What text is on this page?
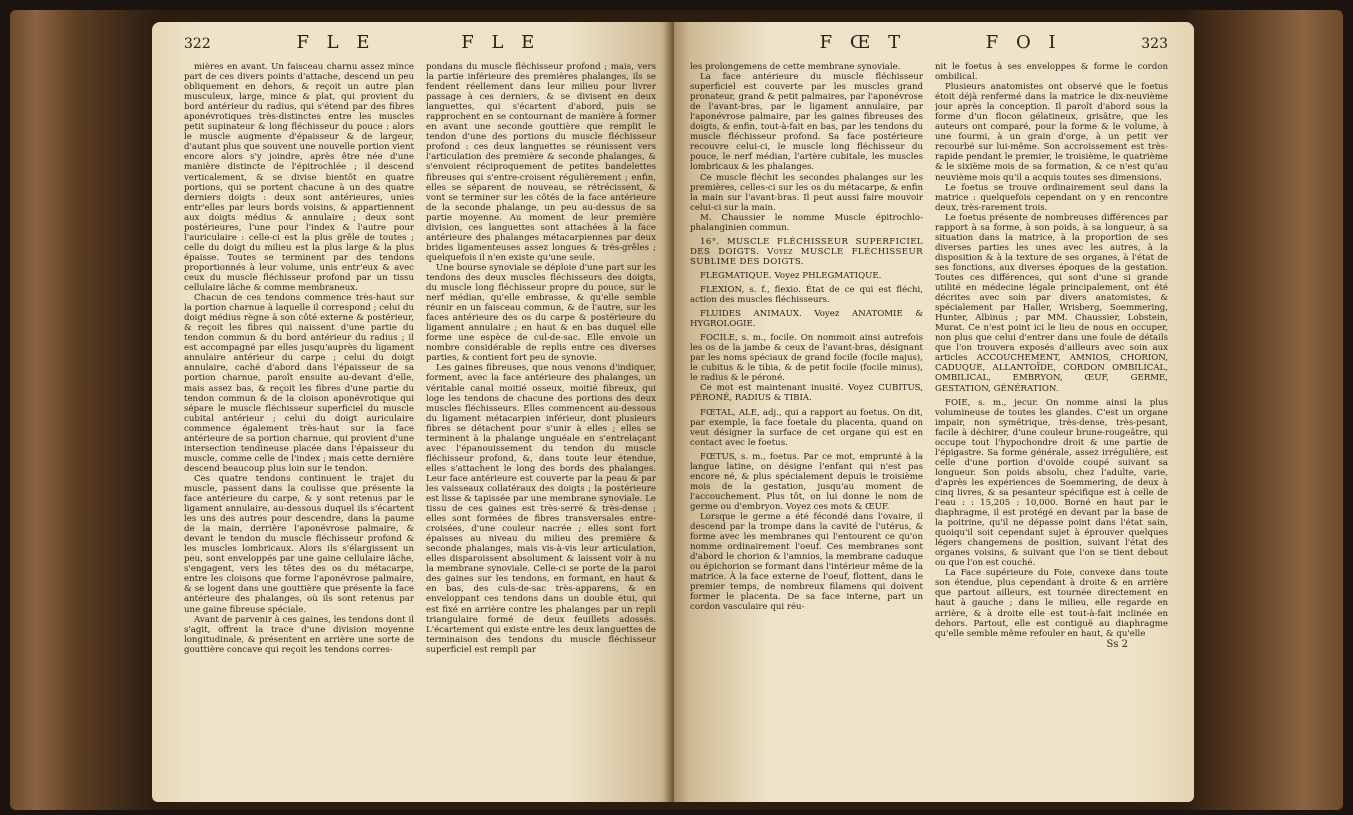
322	F L E	F L E

mières en avant. Un faisceau charnu assez mince part de ces divers points d'attache, descend un peu obliquement en dehors, & reçoit un autre plan musculeux, large, mince & plat, qui provient du bord antérieur du radius, qui s'étend par des fibres aponévrotiques très-distinctes entre les muscles petit supinateur & long fléchisseur du pouce : alors le muscle augmente d'épaisseur & de largeur, d'autant plus que souvent une nouvelle portion vient encore alors s'y joindre, après être née d'une manière distincte de l'épitrochlée ; il descend verticalement, & se divise bientôt en quatre portions, qui se portent chacune à un des quatre derniers doigts : deux sont antérieures, unies entr'elles par leurs bords voisins, & appartiennent aux doigts médius & annulaire ; deux sont postérieures, l'une pour l'index & l'autre pour l'auriculaire : celle-ci est la plus grêle de toutes ; celle du doigt du milieu est la plus large & la plus épaisse. Toutes se terminent par des tendons proportionnés à leur volume, unis entr'eux & avec ceux du muscle fléchisseur profond par un tissu cellulaire lâche & comme membraneux.

Chacun de ces tendons commence très-haut sur la portion charnue à laquelle il correspond ; celui du doigt médius règne à son côté externe & postérieur, & reçoit les fibres qui naissent d'une partie du tendon commun & du bord antérieur du radius ; il est accompagné par elles jusqu'auprès du ligament annulaire antérieur du carpe ; celui du doigt annulaire, caché d'abord dans l'épaisseur de sa portion charnue, paroît ensuite au-devant d'elle, mais assez bas, & reçoit les fibres d'une partie du tendon commun & de la cloison aponévrotique qui sépare le muscle fléchisseur superficiel du muscle cubital antérieur ; celui du doigt auriculaire commence également très-haut sur la face antérieure de sa portion charnue, qui provient d'une intersection tendineuse placée dans l'épaisseur du muscle, comme celle de l'index ; mais cette dernière descend beaucoup plus loin sur le tendon.

Ces quatre tendons continuent le trajet du muscle, passent dans la coulisse que présente la face antérieure du carpe, & y sont retenus par le ligament annulaire, au-dessous duquel ils s'écartent les uns des autres pour descendre, dans la paume de la main, derrière l'aponévrose palmaire, & devant le tendon du muscle fléchisseur profond & les muscles lombricaux. Alors ils s'élargissent un peu, sont enveloppés par une gaine cellulaire lâche, s'engagent, vers les têtes des os du métacarpe, entre les cloisons que forme l'aponévrose palmaire, & se logent dans une gouttière que présente la face antérieure des phalanges, où ils sont retenus par une gaine fibreuse spéciale.

Avant de parvenir à ces gaines, les tendons dont il s'agit, offrent la trace d'une division moyenne longitudinale, & présentent en arrière une sorte de gouttière concave qui reçoit les tendons corres-

pondans du muscle fléchisseur profond ; mais, vers la partie inférieure des premières phalanges, ils se fendent réellement dans leur milieu pour livrer passage à ces derniers, & se divisent en deux languettes, qui s'écartent d'abord, puis se rapprochent en se contournant de manière à former en avant une seconde gouttière que remplit le tendon d'une des portions du muscle fléchisseur profond : ces deux languettes se réunissent vers l'articulation des première & seconde phalanges, & s'envoient réciproquement de petites bandelettes fibreuses qui s'entre-croisent régulièrement ; enfin, elles se séparent de nouveau, se rétrécissent, & vont se terminer sur les côtés de la face antérieure de la seconde phalange, un peu au-dessus de sa partie moyenne. Au moment de leur première division, ces languettes sont attachées à la face antérieure des phalanges métacarpiennes par deux brides ligamenteuses assez longues & très-grêles ; quelquefois il n'en existe qu'une seule.

Une bourse synoviale se déploie d'une part sur les tendons des deux muscles fléchisseurs des doigts, du muscle long fléchisseur propre du pouce, sur le nerf médian, qu'elle embrasse, & qu'elle semble réunir en un faisceau commun, & de l'autre, sur les faces antérieure des os du carpe & postérieure du ligament annulaire ; en haut & en bas duquel elle forme une espèce de cul-de-sac. Elle envoie un nombre considérable de replis entre ces diverses parties, & contient fort peu de synovie.

Les gaines fibreuses, que nous venons d'indiquer, forment, avec la face antérieure des phalanges, un véritable canal moitié osseux, moitié fibreux, qui loge les tendons de chacune des portions des deux muscles fléchisseurs. Elles commencent au-dessous du ligament métacarpien inférieur, dont plusieurs fibres se détachent pour s'unir à elles ; elles se terminent à la phalange unguéale en s'entrelaçant avec l'épanouissement du tendon du muscle fléchisseur profond, &, dans toute leur étendue, elles s'attachent le long des bords des phalanges. Leur face antérieure est couverte par la peau & par les vaisseaux collatéraux des doigts ; la postérieure est lisse & tapissée par une membrane synoviale. Le tissu de ces gaines est très-serré & très-dense ; elles sont formées de fibres transversales entre-croisées, d'une couleur nacrée ; elles sont fort épaisses au niveau du milieu des première & seconde phalanges, mais vis-à-vis leur articulation, elles disparoissent absolument & laissent voir à nu la membrane synoviale. Celle-ci se porte de la paroi des gaines sur les tendons, en formant, en haut & en bas, des culs-de-sac très-apparens, & en enveloppant ces tendons dans un double étui, qui est fixé en arrière contre les phalanges par un repli triangulaire formé de deux feuillets adossés. L'écartement qui existe entre les deux languettes de terminaison des tendons du muscle fléchisseur superficiel est rempli par

F Œ T	F O I	323

les prolongemens de cette membrane synoviale.

La face antérieure du muscle fléchisseur superficiel est couverte par les muscles grand pronateur, grand & petit palmaires, par l'aponévrose de l'avant-bras, par le ligament annulaire, par l'aponévrose palmaire, par les gaines fibreuses des doigts, & enfin, tout-à-fait en bas, par les tendons du muscle fléchisseur profond. Sa face postérieure recouvre celui-ci, le muscle long fléchisseur du pouce, le nerf médian, l'artère cubitale, les muscles lombricaux & les phalanges.

Ce muscle fléchit les secondes phalanges sur les premières, celles-ci sur les os du métacarpe, & enfin la main sur l'avant-bras. Il peut aussi faire mouvoir celui-ci sur la main.

M. Chaussier le nomme Muscle épitrochlo-phalanginien commun.

16°. MUSCLE FLÉCHISSEUR SUPERFICIEL DES DOIGTS. Voyez MUSCLE FLÉCHISSEUR SUBLIME DES DOIGTS.

FLEGMATIQUE. Voyez PHLEGMATIQUE.

FLEXION, s. f., flexio. État de ce qui est fléchi, action des muscles fléchisseurs.

FLUIDES ANIMAUX. Voyez ANATOMIE & HYGROLOGIE.

FOCILE, s. m., focile. On nommoit ainsi autrefois les os de la jambe & ceux de l'avant-bras, désignant par les noms spéciaux de grand focile (focile majus), le cubitus & le tibia, & de petit focile (focile minus), le radius & le péroné.

Ce mot est maintenant inusité. Voyez CUBITUS, PÉRONÉ, RADIUS & TIBIA.

FŒTAL, ALE, adj., qui a rapport au foetus. On dit, par exemple, la face foetale du placenta, quand on veut désigner la surface de cet organe qui est en contact avec le foetus.

FŒTUS, s. m., foetus. Par ce mot, emprunté à la langue latine, on désigne l'enfant qui n'est pas encore né, & plus spécialement depuis le troisième mois de la gestation, jusqu'au moment de l'accouchement. Plus tôt, on lui donne le nom de germe ou d'embryon. Voyez ces mots & ŒUF.

Lorsque le germe a été fécondé dans l'ovaire, il descend par la trompe dans la cavité de l'utérus, & forme avec les membranes qui l'entourent ce qu'on nomme ordinairement l'oeuf. Ces membranes sont d'abord le chorion & l'amnios, la membrane caduque ou épichorion se formant dans l'intérieur même de la matrice. À la face externe de l'oeuf, flottent, dans le premier temps, de nombreux filamens qui doivent former le placenta. De sa face interne, part un cordon vasculaire qui réu-

nit le foetus à ses enveloppes & forme le cordon ombilical.

Plusieurs anatomistes ont observé que le foetus étoit déjà renfermé dans la matrice le dix-neuvième jour après la conception. Il paroît d'abord sous la forme d'un flocon gélatineux, grisâtre, que les auteurs ont comparé, pour la forme & le volume, à une fourmi, à un grain d'orge, à un petit ver recourbé sur lui-même. Son accroissement est très-rapide pendant le premier, le troisième, le quatrième & le sixième mois de sa formation, & ce n'est qu'au neuvième mois qu'il a acquis toutes ses dimensions.

Le foetus se trouve ordinairement seul dans la matrice : quelquefois cependant on y en rencontre deux, très-rarement trois.

Le foetus présente de nombreuses différences par rapport à sa forme, à son poids, à sa longueur, à sa situation dans la matrice, à la proportion de ses diverses parties les unes avec les autres, à la disposition & à la texture de ses organes, à l'état de ses fonctions, aux diverses époques de la gestation. Toutes ces différences, qui sont d'une si grande utilité en médecine légale principalement, ont été décrites avec soin par divers anatomistes, & spécialement par Haller, Wrisberg, Soemmering, Hunter, Albinus ; par MM. Chaussier, Lobstein, Murat. Ce n'est point ici le lieu de nous en occuper, non plus que celui d'entrer dans une foule de détails que l'on trouvera exposés d'ailleurs avec soin aux articles ACCOUCHEMENT, AMNIOS, CHORION, CADUQUE, ALLANTOÏDE, CORDON OMBILICAL, OMBILICAL, EMBRYON, ŒUF, GERME, GESTATION, GÉNÉRATION.

FOIE, s. m., jecur. On nomme ainsi la plus volumineuse de toutes les glandes. C'est un organe impair, non symétrique, très-dense, très-pesant, facile à déchirer, d'une couleur brune-rougeâtre, qui occupe tout l'hypochondre droit & une partie de l'épigastre. Sa forme générale, assez irrégulière, est celle d'une portion d'ovoïde coupé suivant sa longueur. Son poids absolu, chez l'adulte, varie, d'après les expériences de Soemmering, de deux à cinq livres, & sa pesanteur spécifique est à celle de l'eau : : 15,205 : 10,000. Borné en haut par le diaphragme, il est protégé en devant par la base de la poitrine, qu'il ne dépasse point dans l'état sain, quoiqu'il soit cependant sujet à éprouver quelques légers changemens de position, suivant l'état des organes voisins, & suivant que l'on se tient debout ou que l'on est couché.

La Face supérieure du Foie, convexe dans toute son étendue, plus cependant à droite & en arrière que partout ailleurs, est tournée directement en haut à gauche ; dans le milieu, elle regarde en arrière, & à droite elle est tout-à-fait inclinée en dehors. Partout, elle est contiguë au diaphragme qu'elle semble même refouler en haut, & qu'elle

Ss 2
